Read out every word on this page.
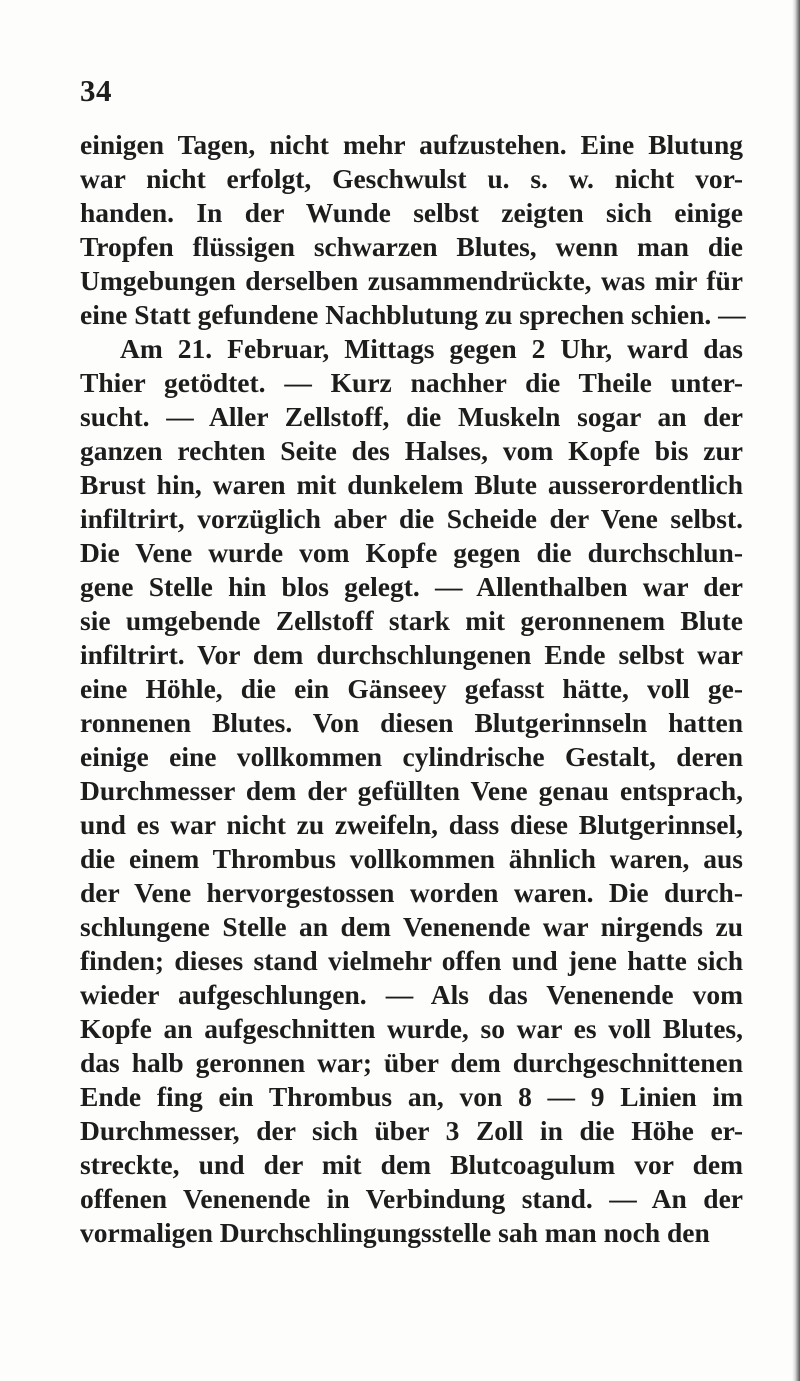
34
einigen Tagen, nicht mehr aufzustehen. Eine Blutung
war nicht erfolgt, Geschwulst u. s. w. nicht vor-
handen. In der Wunde selbst zeigten sich einige
Tropfen flüssigen schwarzen Blutes, wenn man die
Umgebungen derselben zusammendrückte, was mir für
eine Statt gefundene Nachblutung zu sprechen schien. —
Am 21. Februar, Mittags gegen 2 Uhr, ward das
Thier getödtet. — Kurz nachher die Theile unter-
sucht. — Aller Zellstoff, die Muskeln sogar an der
ganzen rechten Seite des Halses, vom Kopfe bis zur
Brust hin, waren mit dunkelem Blute ausserordentlich
infiltrirt, vorzüglich aber die Scheide der Vene selbst.
Die Vene wurde vom Kopfe gegen die durchschlun-
gene Stelle hin blos gelegt. — Allenthalben war der
sie umgebende Zellstoff stark mit geronnenem Blute
infiltrirt. Vor dem durchschlungenen Ende selbst war
eine Höhle, die ein Gänseey gefasst hätte, voll ge-
ronnenen Blutes. Von diesen Blutgerinnseln hatten
einige eine vollkommen cylindrische Gestalt, deren
Durchmesser dem der gefüllten Vene genau entsprach,
und es war nicht zu zweifeln, dass diese Blutgerinnsel,
die einem Thrombus vollkommen ähnlich waren, aus
der Vene hervorgestossen worden waren. Die durch-
schlungene Stelle an dem Venenende war nirgends zu
finden; dieses stand vielmehr offen und jene hatte sich
wieder aufgeschlungen. — Als das Venenende vom
Kopfe an aufgeschnitten wurde, so war es voll Blutes,
das halb geronnen war; über dem durchgeschnittenen
Ende fing ein Thrombus an, von 8 — 9 Linien im
Durchmesser, der sich über 3 Zoll in die Höhe er-
streckte, und der mit dem Blutcoagulum vor dem
offenen Venenende in Verbindung stand. — An der
vormaligen Durchschlingungsstelle sah man noch den
